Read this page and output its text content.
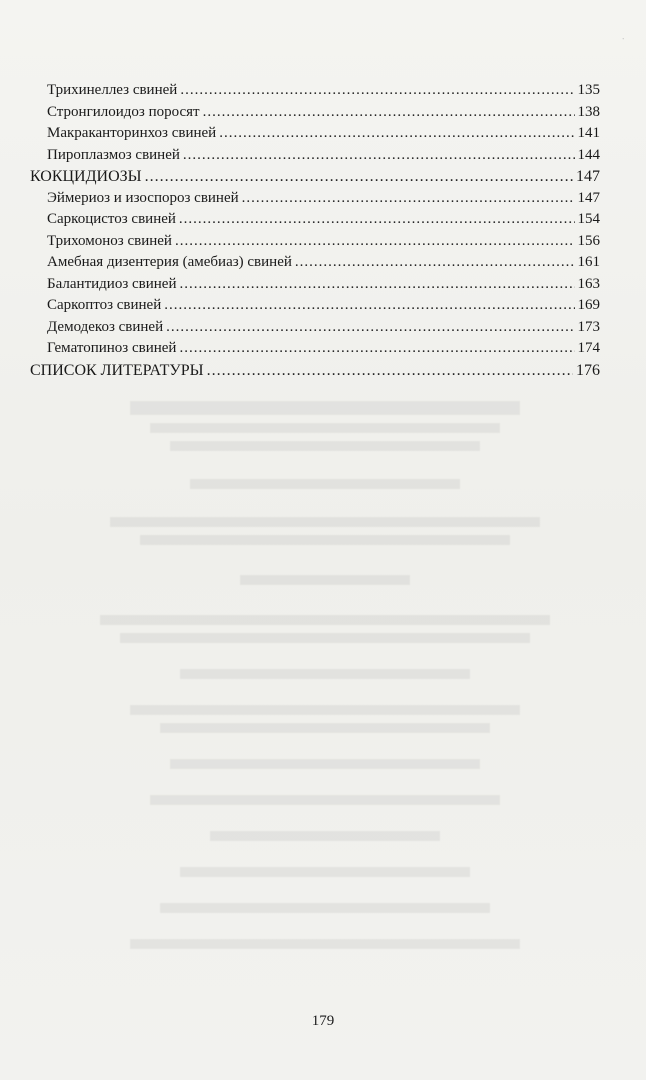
∙
Трихинеллез свиней .....	135
Стронгилоидоз поросят .....	138
Макракантоpинхоз свиней .....	141
Пироплазмоз свиней .....	144
КОКЦИДИОЗЫ .....	147
Эймериоз и изоспороз свиней .....	147
Саркоцистоз свиней .....	154
Трихомоноз свиней .....	156
Амебная дизентерия (амебиаз) свиней .....	161
Балантидиоз свиней .....	163
Саркоптоз свиней .....	169
Демодекоз свиней .....	173
Гематопиноз свиней .....	174
СПИСОК ЛИТЕРАТУРЫ .....	176
179
